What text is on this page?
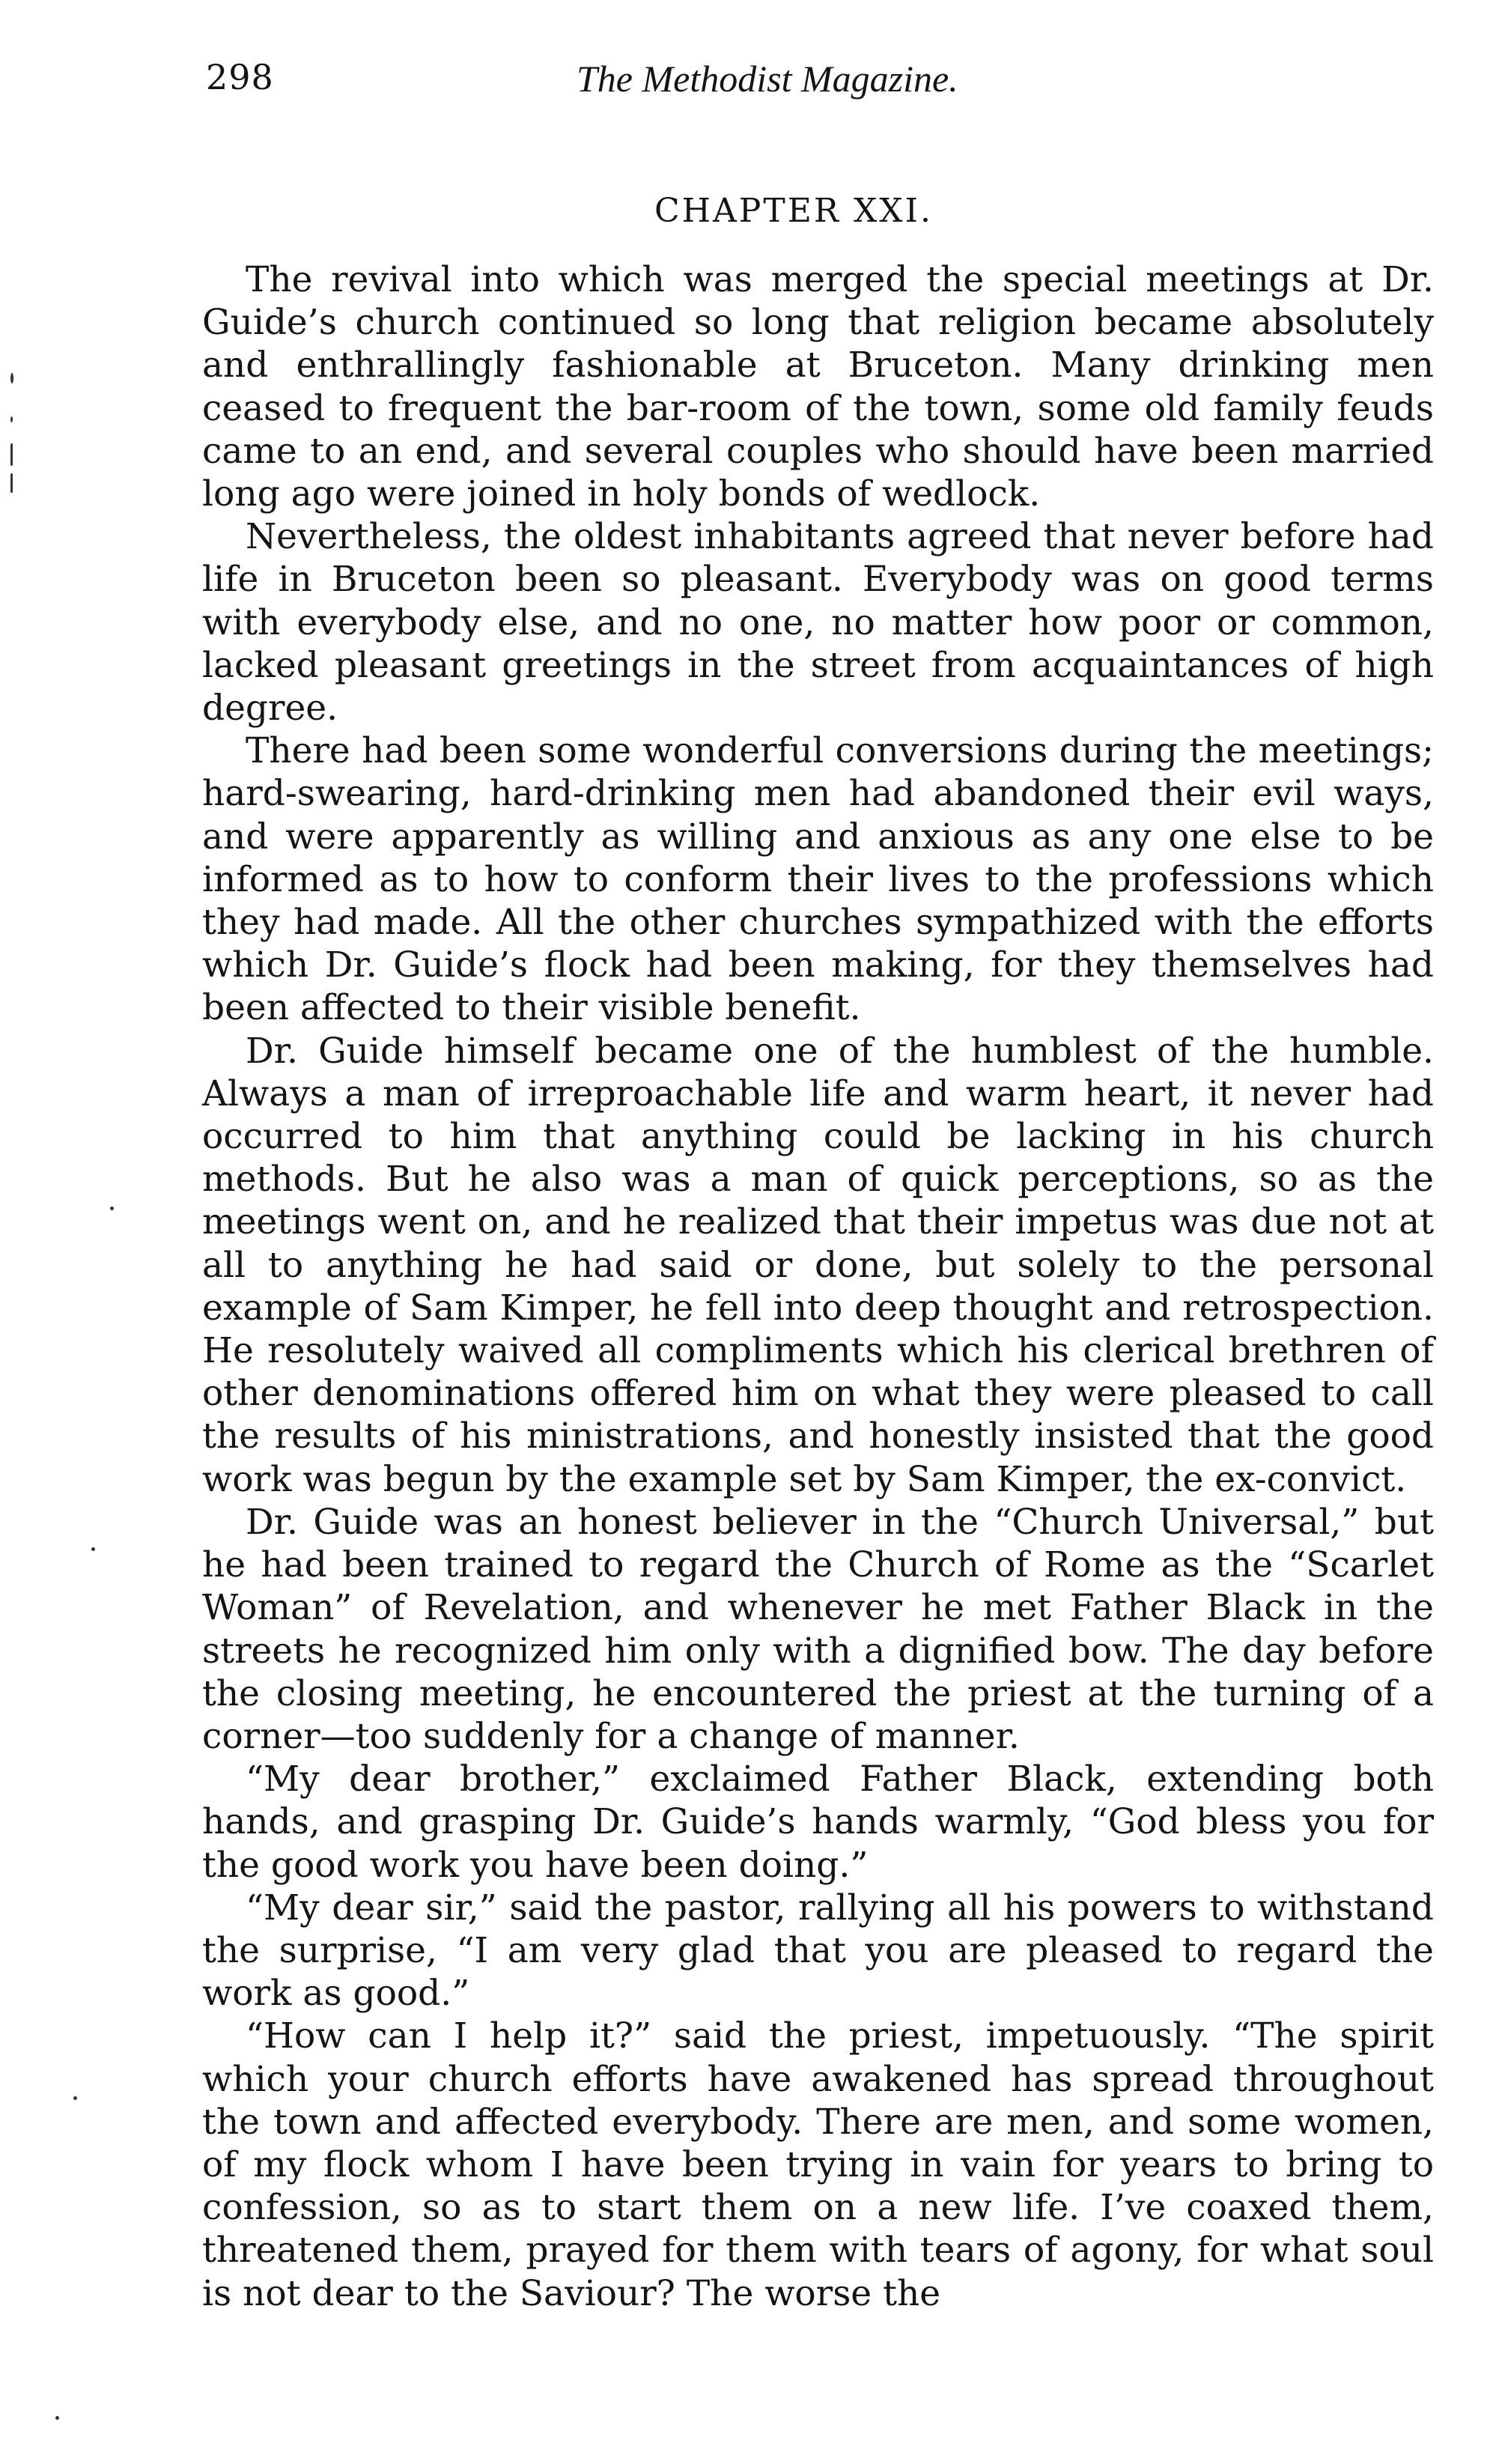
298	The Methodist Magazine.
CHAPTER XXI.

The revival into which was merged the special meetings at Dr. Guide’s church continued so long that religion became absolutely and enthrallingly fashionable at Bruceton. Many drinking men ceased to frequent the bar-room of the town, some old family feuds came to an end, and several couples who should have been married long ago were joined in holy bonds of wedlock.

Nevertheless, the oldest inhabitants agreed that never before had life in Bruceton been so pleasant. Everybody was on good terms with everybody else, and no one, no matter how poor or common, lacked pleasant greetings in the street from acquaintances of high degree.

There had been some wonderful conversions during the meetings; hard-swearing, hard-drinking men had abandoned their evil ways, and were apparently as willing and anxious as any one else to be informed as to how to conform their lives to the professions which they had made. All the other churches sympathized with the efforts which Dr. Guide’s flock had been making, for they themselves had been affected to their visible benefit.

Dr. Guide himself became one of the humblest of the humble. Always a man of irreproachable life and warm heart, it never had occurred to him that anything could be lacking in his church methods. But he also was a man of quick perceptions, so as the meetings went on, and he realized that their impetus was due not at all to anything he had said or done, but solely to the personal example of Sam Kimper, he fell into deep thought and retrospection. He resolutely waived all compliments which his clerical brethren of other denominations offered him on what they were pleased to call the results of his ministrations, and honestly insisted that the good work was begun by the example set by Sam Kimper, the ex-convict.

Dr. Guide was an honest believer in the “Church Universal,” but he had been trained to regard the Church of Rome as the “Scarlet Woman” of Revelation, and whenever he met Father Black in the streets he recognized him only with a dignified bow. The day before the closing meeting, he encountered the priest at the turning of a corner—too suddenly for a change of manner.

“My dear brother,” exclaimed Father Black, extending both hands, and grasping Dr. Guide’s hands warmly, “God bless you for the good work you have been doing.”

“My dear sir,” said the pastor, rallying all his powers to withstand the surprise, “I am very glad that you are pleased to regard the work as good.”

“How can I help it?” said the priest, impetuously. “The spirit which your church efforts have awakened has spread throughout the town and affected everybody. There are men, and some women, of my flock whom I have been trying in vain for years to bring to confession, so as to start them on a new life. I’ve coaxed them, threatened them, prayed for them with tears of agony, for what soul is not dear to the Saviour? The worse the
